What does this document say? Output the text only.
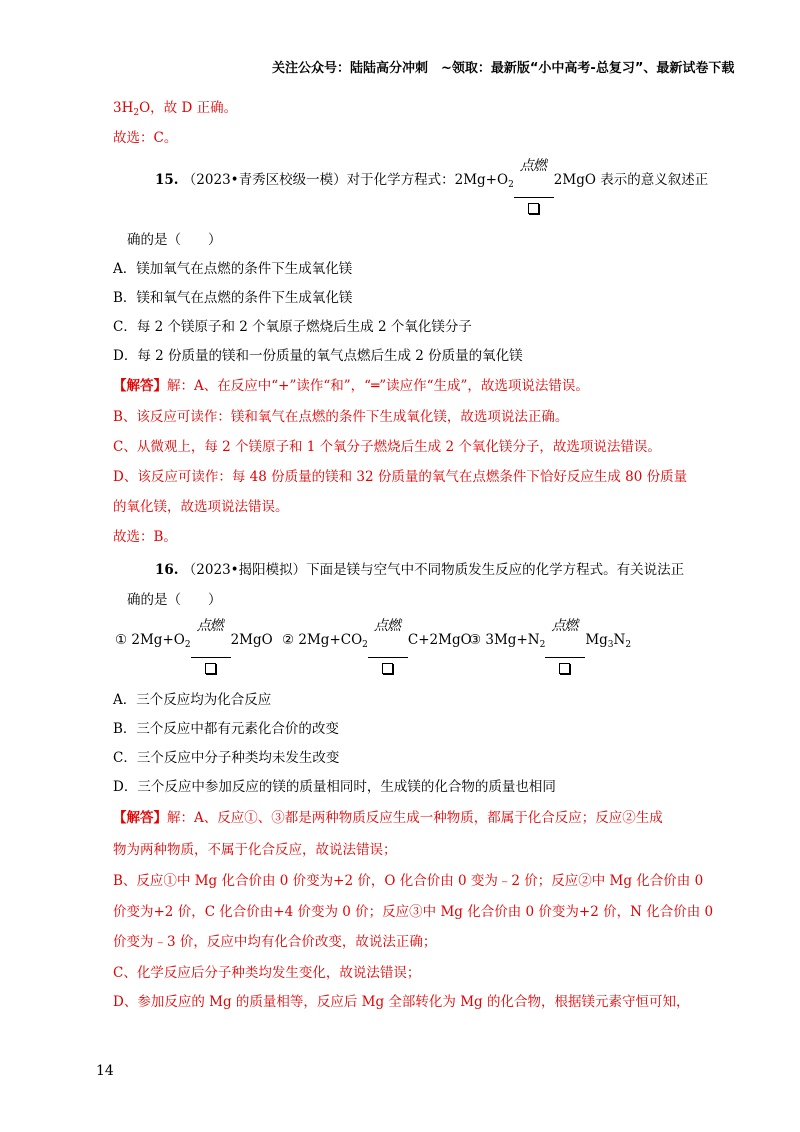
关注公众号：陆陆高分冲刺　~领取：最新版“小中高考-总复习”、最新试卷下载
$3H_2O$，故 D 正确。
故选：C。
15. （2023•青秀区校级一模）对于化学方程式：$2Mg+O_2$
点燃
2MgO 表示的意义叙述正
确的是（　　）
A．镁加氧气在点燃的条件下生成氧化镁
B．镁和氧气在点燃的条件下生成氧化镁
C．每 2 个镁原子和 2 个氧原子燃烧后生成 2 个氧化镁分子
D．每 2 份质量的镁和一份质量的氧气点燃后生成 2 份质量的氧化镁
【解答】解：A、在反应中“+”读作“和”，“═”读应作“生成”，故选项说法错误。
B、该反应可读作：镁和氧气在点燃的条件下生成氧化镁，故选项说法正确。
C、从微观上，每 2 个镁原子和 1 个氧分子燃烧后生成 2 个氧化镁分子，故选项说法错误。
D、该反应可读作：每 48 份质量的镁和 32 份质量的氧气在点燃条件下恰好反应生成 80 份质量
的氧化镁，故选项说法错误。
故选：B。
16. （2023•揭阳模拟）下面是镁与空气中不同物质发生反应的化学方程式。有关说法正
确的是（　　）
① $2Mg+O_2$
点燃
2MgO ② $2Mg+CO_2$
点燃
C+2MgO
③ $3Mg+N_2$
点燃
$Mg_3N_2$
A．三个反应均为化合反应
B．三个反应中都有元素化合价的改变
C．三个反应中分子种类均未发生改变
D．三个反应中参加反应的镁的质量相同时，生成镁的化合物的质量也相同
【解答】解：A、反应①、③都是两种物质反应生成一种物质，都属于化合反应；反应②生成
物为两种物质，不属于化合反应，故说法错误；
B、反应①中 Mg 化合价由 0 价变为+2 价，O 化合价由 0 变为﹣2 价；反应②中 Mg 化合价由 0
价变为+2 价，C 化合价由+4 价变为 0 价；反应③中 Mg 化合价由 0 价变为+2 价，N 化合价由 0
价变为﹣3 价，反应中均有化合价改变，故说法正确；
C、化学反应后分子种类均发生变化，故说法错误；
D、参加反应的 Mg 的质量相等，反应后 Mg 全部转化为 Mg 的化合物，根据镁元素守恒可知，
14
